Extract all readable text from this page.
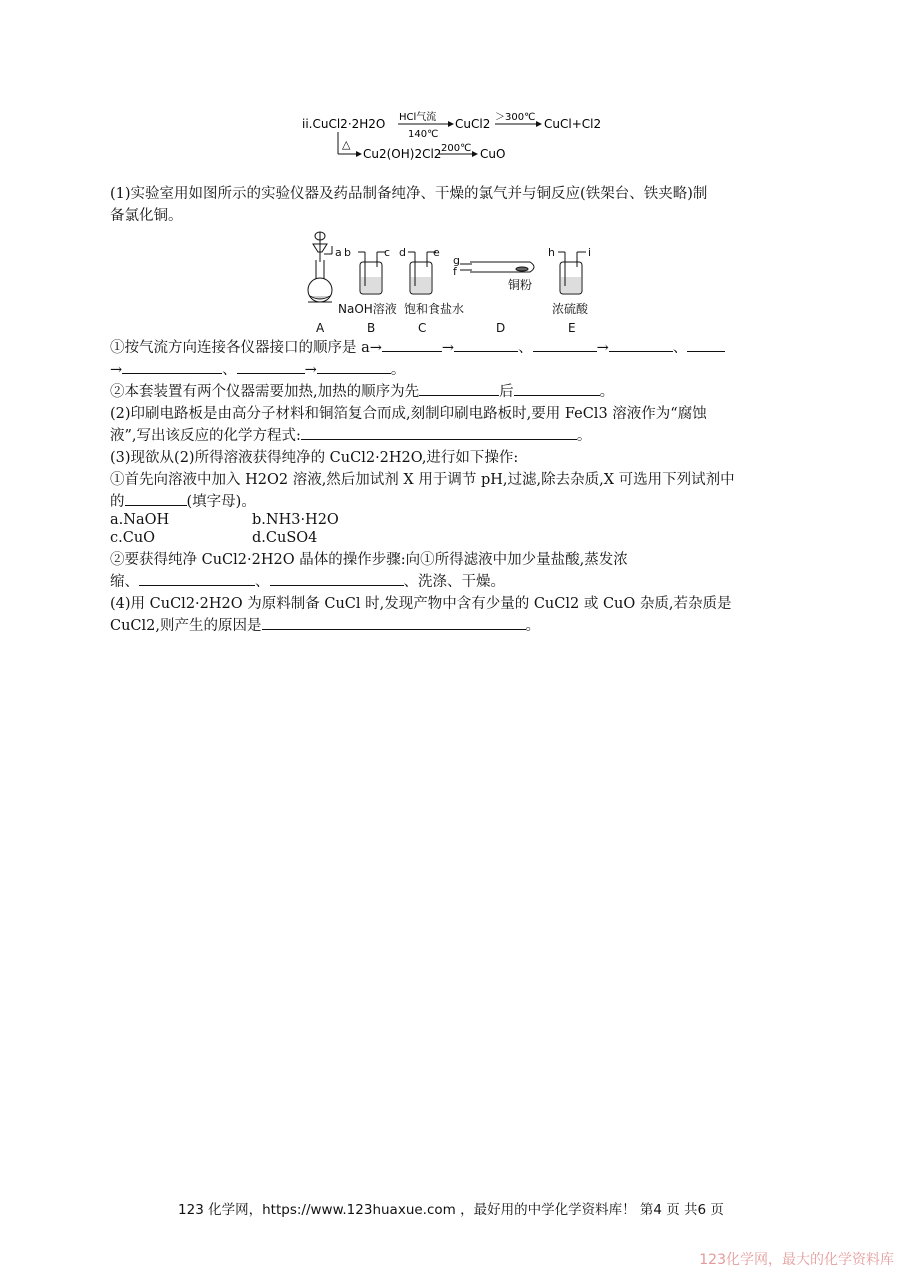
ii.CuCl2·2H2O HCl气流
140℃
CuCl2 ＞300℃ CuCl+Cl2
△
Cu2(OH)2Cl2 200℃ CuO
(1)实验室用如图所示的实验仪器及药品制备纯净、干燥的氯气并与铜反应(铁架台、铁夹略)制
备氯化铜。
a b	c d e
g
f
h	i
NaOH溶液 饱和食盐水
铜粉
浓硫酸
A	B	C	D	E
①按气流方向连接各仪器接口的顺序是 a→	→	、	→	、
→	、	→	。
②本套装置有两个仪器需要加热,加热的顺序为先	后	。
(2)印刷电路板是由高分子材料和铜箔复合而成,刻制印刷电路板时,要用 FeCl3 溶液作为“腐蚀
液”,写出该反应的化学方程式:	。
(3)现欲从(2)所得溶液获得纯净的 CuCl2·2H2O,进行如下操作:
①首先向溶液中加入 H2O2 溶液,然后加试剂 X 用于调节 pH,过滤,除去杂质,X 可选用下列试剂中
的	(填字母)。
a.NaOH	b.NH3·H2O
c.CuO	d.CuSO4
②要获得纯净 CuCl2·2H2O 晶体的操作步骤:向①所得滤液中加少量盐酸,蒸发浓
缩、	、	、洗涤、干燥。
(4)用 CuCl2·2H2O 为原料制备 CuCl 时,发现产物中含有少量的 CuCl2 或 CuO 杂质,若杂质是
CuCl2,则产生的原因是	。
123 化学网，https://www.123huaxue.com ，最好用的中学化学资料库！ 第4 页 共6 页
123化学网，最大的化学资料库
